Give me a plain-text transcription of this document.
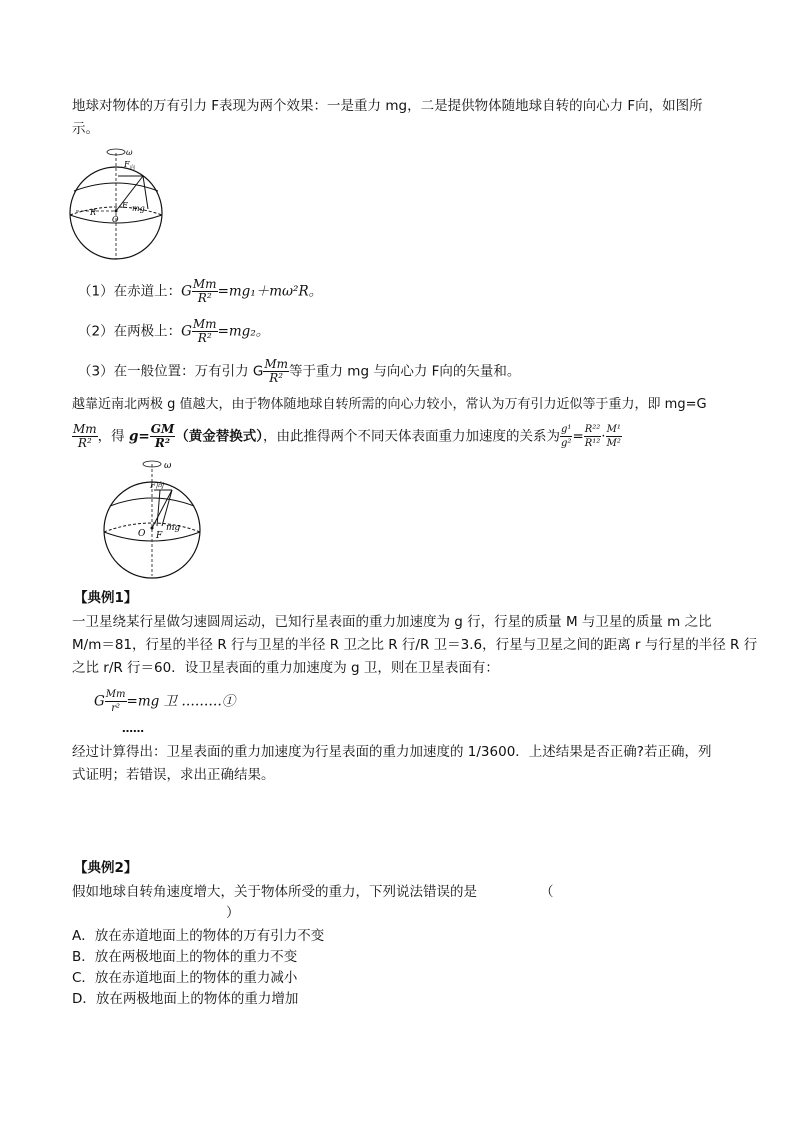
地球对物体的万有引力 F表现为两个效果：一是重力 mg，二是提供物体随地球自转的向心力 F向，如图所
示。
ω
F 向
F mg
O
R
（1）在赤道上：G $\frac{Mm}{\text{R²}} =mg_1+m\omega^2R$。
（2）在两极上：G $\frac{Mm}{\text{R²}} =mg_2$。
（3）在一般位置：万有引力 G $\frac{Mm}{\text{R²}}$ 等于重力 mg 与向心力 F向的矢量和。
越靠近南北两极 g 值越大，由于物体随地球自转所需的向心力较小，常认为万有引力近似等于重力，即 mg=G
$\frac{Mm}{\text{R²}}$ ，得 $g= \frac{GM}{\text{R²}}$ （黄金替换式），由此推得两个不同天体表面重力加速度的关系为 $\frac{\text{g¹}}{\text{g²}} = \frac{\text{R²²}}{\text{R¹²}} \cdot \frac{\text{M¹}}{\text{M²}}$
ω
F向
mg
F
O
【典例1】
一卫星绕某行星做匀速圆周运动，已知行星表面的重力加速度为 g 行，行星的质量 M 与卫星的质量 m 之比
M/m＝81，行星的半径 R 行与卫星的半径 R 卫之比 R 行/R 卫＝3.6，行星与卫星之间的距离 r 与行星的半径 R 行
之比 r/R 行＝60．设卫星表面的重力加速度为 g 卫，则在卫星表面有：
G $\frac{Mm}{\text{r²}} =mg$ 卫 ………①
……
经过计算得出：卫星表面的重力加速度为行星表面的重力加速度的 1/3600．上述结果是否正确?若正确，列
式证明；若错误，求出正确结果。
【典例2】
假如地球自转角速度增大，关于物体所受的重力，下列说法错误的是	（
）
A．放在赤道地面上的物体的万有引力不变
B．放在两极地面上的物体的重力不变
C．放在赤道地面上的物体的重力减小
D．放在两极地面上的物体的重力增加
